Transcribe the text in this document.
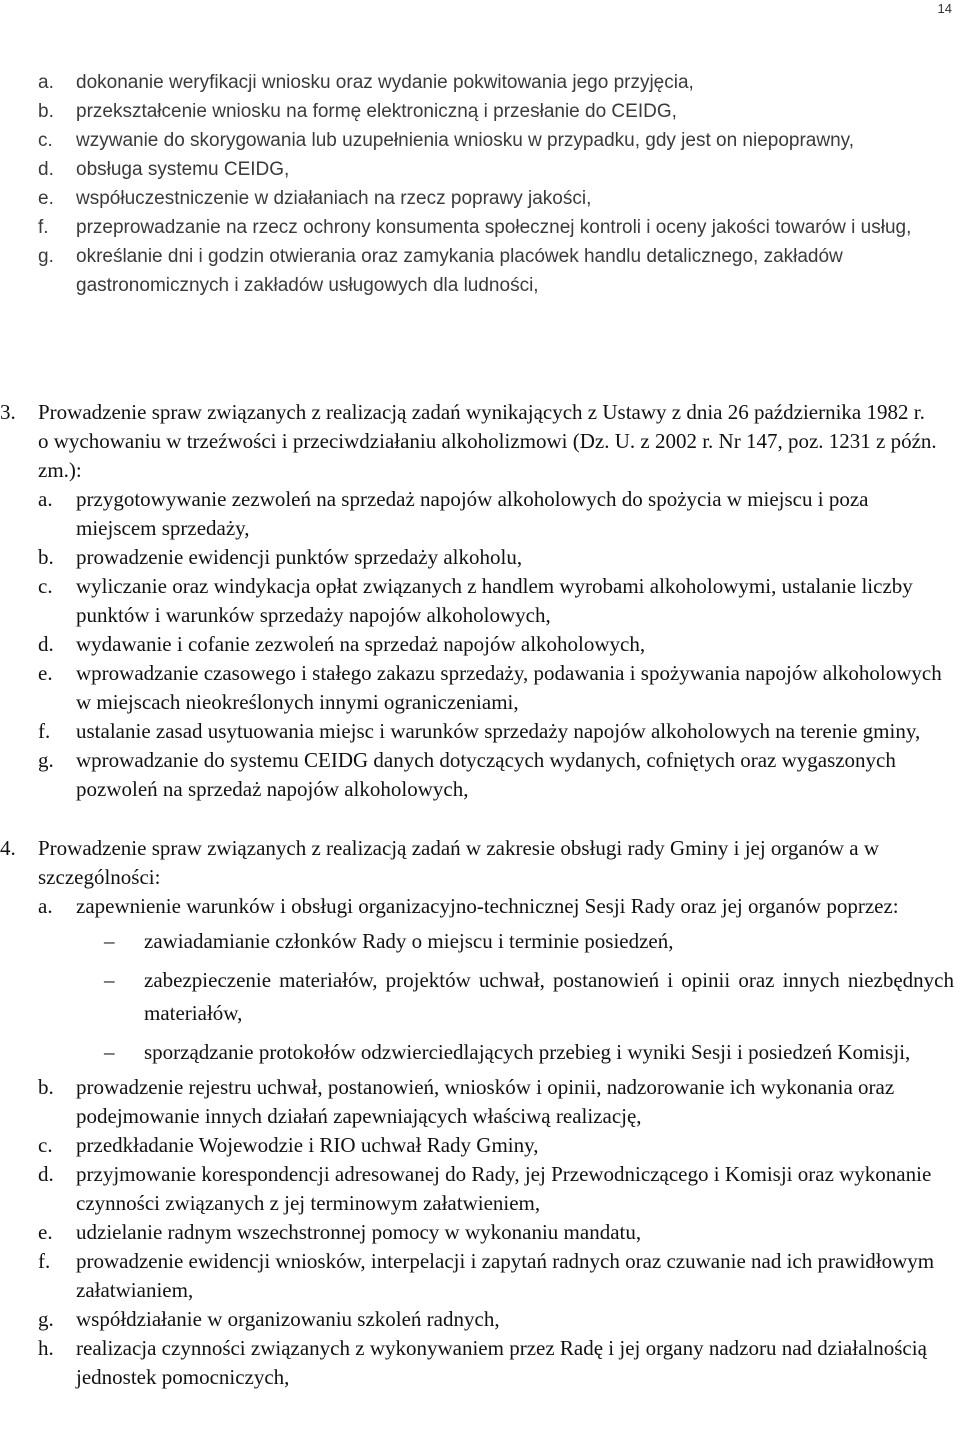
14
a. dokonanie weryfikacji wniosku oraz wydanie pokwitowania jego przyjęcia,
b. przekształcenie wniosku na formę elektroniczną i przesłanie do CEIDG,
c. wzywanie do skorygowania lub uzupełnienia wniosku w przypadku, gdy jest on niepoprawny,
d. obsługa systemu CEIDG,
e. współuczestniczenie w działaniach na rzecz poprawy jakości,
f. przeprowadzanie na rzecz ochrony konsumenta społecznej kontroli i oceny jakości towarów i usług,
g. określanie dni i godzin otwierania oraz zamykania placówek handlu detalicznego, zakładów gastronomicznych i zakładów usługowych dla ludności,
3. Prowadzenie spraw związanych z realizacją zadań wynikających z Ustawy z dnia 26 października 1982 r. o wychowaniu w trzeźwości i przeciwdziałaniu alkoholizmowi (Dz. U. z 2002 r. Nr 147, poz. 1231 z późn. zm.):
a. przygotowywanie zezwoleń na sprzedaż napojów alkoholowych do spożycia w miejscu i poza miejscem sprzedaży,
b. prowadzenie ewidencji punktów sprzedaży alkoholu,
c. wyliczanie oraz windykacja opłat związanych z handlem wyrobami alkoholowymi, ustalanie liczby punktów i warunków sprzedaży napojów alkoholowych,
d. wydawanie i cofanie zezwoleń na sprzedaż napojów alkoholowych,
e. wprowadzanie czasowego i stałego zakazu sprzedaży, podawania i spożywania napojów alkoholowych w miejscach nieokreślonych innymi ograniczeniami,
f. ustalanie zasad usytuowania miejsc i warunków sprzedaży napojów alkoholowych na terenie gminy,
g. wprowadzanie do systemu CEIDG danych dotyczących wydanych, cofniętych oraz wygaszonych pozwoleń na sprzedaż napojów alkoholowych,
4. Prowadzenie spraw związanych z realizacją zadań w zakresie obsługi rady Gminy i jej organów a w szczególności:
a. zapewnienie warunków i obsługi organizacyjno-technicznej Sesji Rady oraz jej organów poprzez:
– zawiadamianie członków Rady o miejscu i terminie posiedzeń,
– zabezpieczenie materiałów, projektów uchwał, postanowień i opinii oraz innych niezbędnych materiałów,
– sporządzanie protokołów odzwierciedlających przebieg i wyniki Sesji i posiedzeń Komisji,
b. prowadzenie rejestru uchwał, postanowień, wniosków i opinii, nadzorowanie ich wykonania oraz podejmowanie innych działań zapewniających właściwą realizację,
c. przedkładanie Wojewodzie i RIO uchwał Rady Gminy,
d. przyjmowanie korespondencji adresowanej do Rady, jej Przewodniczącego i Komisji oraz wykonanie czynności związanych z jej terminowym załatwieniem,
e. udzielanie radnym wszechstronnej pomocy w wykonaniu mandatu,
f. prowadzenie ewidencji wniosków, interpelacji i zapytań radnych oraz czuwanie nad ich prawidłowym załatwianiem,
g. współdziałanie w organizowaniu szkoleń radnych,
h. realizacja czynności związanych z wykonywaniem przez Radę i jej organy nadzoru nad działalnością jednostek pomocniczych,
